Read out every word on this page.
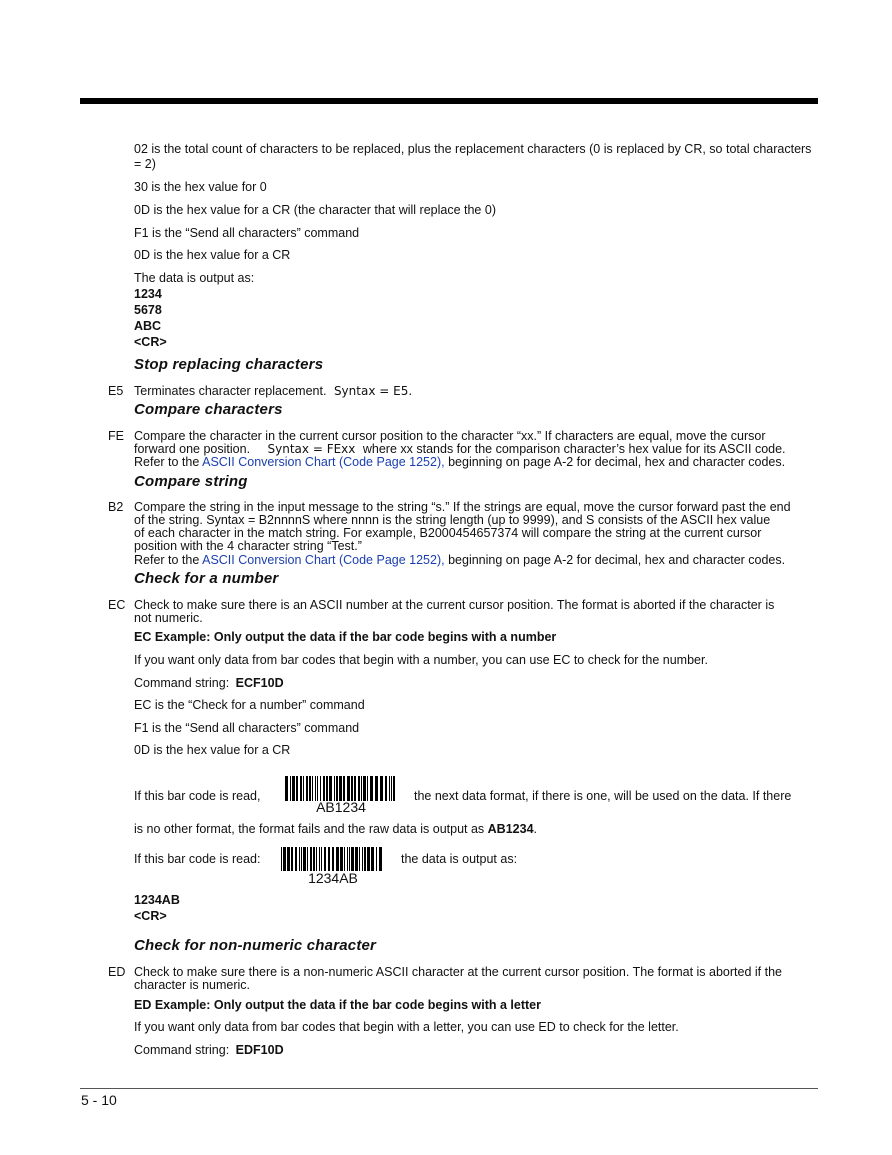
02 is the total count of characters to be replaced, plus the replacement characters (0 is replaced by CR, so total characters = 2)
30 is the hex value for 0
0D is the hex value for a CR (the character that will replace the 0)
F1 is the “Send all characters” command
0D is the hex value for a CR
The data is output as:
1234
5678
ABC
<CR>
Stop replacing characters
E5 Terminates character replacement. Syntax = E5.
Compare characters
FE Compare the character in the current cursor position to the character “xx.” If characters are equal, move the cursor
forward one position. Syntax = FExx where xx stands for the comparison character’s hex value for its ASCII code.
Refer to the ASCII Conversion Chart (Code Page 1252), beginning on page A-2 for decimal, hex and character codes.
Compare string
B2 Compare the string in the input message to the string “s.” If the strings are equal, move the cursor forward past the end
of the string. Syntax = B2nnnnS where nnnn is the string length (up to 9999), and S consists of the ASCII hex value
of each character in the match string. For example, B2000454657374 will compare the string at the current cursor
position with the 4 character string “Test.”
Refer to the ASCII Conversion Chart (Code Page 1252), beginning on page A-2 for decimal, hex and character codes.
Check for a number
EC Check to make sure there is an ASCII number at the current cursor position. The format is aborted if the character is
not numeric.
EC Example: Only output the data if the bar code begins with a number
If you want only data from bar codes that begin with a number, you can use EC to check for the number.
Command string: ECF10D
EC is the “Check for a number” command
F1 is the “Send all characters” command
0D is the hex value for a CR
If this bar code is read,
AB1234
the next data format, if there is one, will be used on the data. If there
is no other format, the format fails and the raw data is output as AB1234.
If this bar code is read:
1234AB
the data is output as:
1234AB
<CR>
Check for non-numeric character
ED Check to make sure there is a non-numeric ASCII character at the current cursor position. The format is aborted if the
character is numeric.
ED Example: Only output the data if the bar code begins with a letter
If you want only data from bar codes that begin with a letter, you can use ED to check for the letter.
Command string: EDF10D
5 - 10
